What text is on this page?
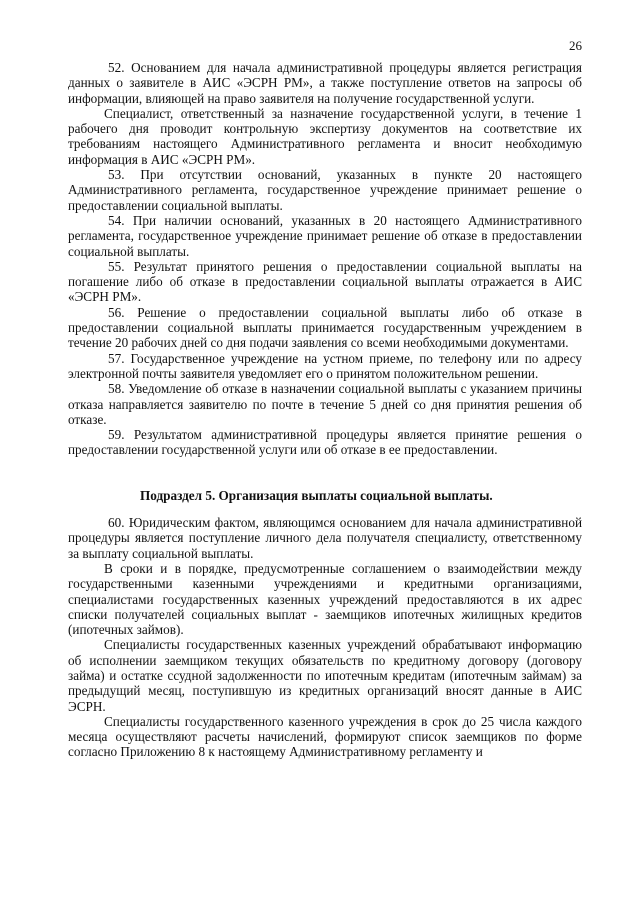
26

52. Основанием для начала административной процедуры является регистрация данных о заявителе в АИС «ЭСРН РМ», а также поступление ответов на запросы об информации, влияющей на право заявителя на получение государственной услуги.

Специалист, ответственный за назначение государственной услуги, в течение 1 рабочего дня проводит контрольную экспертизу документов на соответствие их требованиям настоящего Административного регламента и вносит необходимую информация в АИС «ЭСРН РМ».

53. При отсутствии оснований, указанных в пункте 20 настоящего Административного регламента, государственное учреждение принимает решение о предоставлении социальной выплаты.

54. При наличии оснований, указанных в 20 настоящего Административного регламента, государственное учреждение принимает решение об отказе в предоставлении социальной выплаты.

55. Результат принятого решения о предоставлении социальной выплаты на погашение либо об отказе в предоставлении социальной выплаты отражается в АИС «ЭСРН РМ».

56. Решение о предоставлении социальной выплаты либо об отказе в предоставлении социальной выплаты принимается государственным учреждением в течение 20 рабочих дней со дня подачи заявления со всеми необходимыми документами.

57. Государственное учреждение на устном приеме, по телефону или по адресу электронной почты заявителя уведомляет его о принятом положительном решении.

58. Уведомление об отказе в назначении социальной выплаты с указанием причины отказа направляется заявителю по почте в течение 5 дней со дня принятия решения об отказе.

59. Результатом административной процедуры является принятие решения о предоставлении государственной услуги или об отказе в ее предоставлении.

Подраздел 5. Организация выплаты социальной выплаты.

60. Юридическим фактом, являющимся основанием для начала административной процедуры является поступление личного дела получателя специалисту, ответственному за выплату социальной выплаты.

В сроки и в порядке, предусмотренные соглашением о взаимодействии между государственными казенными учреждениями и кредитными организациями, специалистами государственных казенных учреждений предоставляются в их адрес списки получателей социальных выплат - заемщиков ипотечных жилищных кредитов (ипотечных займов).

Специалисты государственных казенных учреждений обрабатывают информацию об исполнении заемщиком текущих обязательств по кредитному договору (договору займа) и остатке ссудной задолженности по ипотечным кредитам (ипотечным займам) за предыдущий месяц, поступившую из кредитных организаций вносят данные в АИС ЭСРН.

Специалисты государственного казенного учреждения в срок до 25 числа каждого месяца осуществляют расчеты начислений, формируют список заемщиков по форме согласно Приложению 8 к настоящему Административному регламенту и
